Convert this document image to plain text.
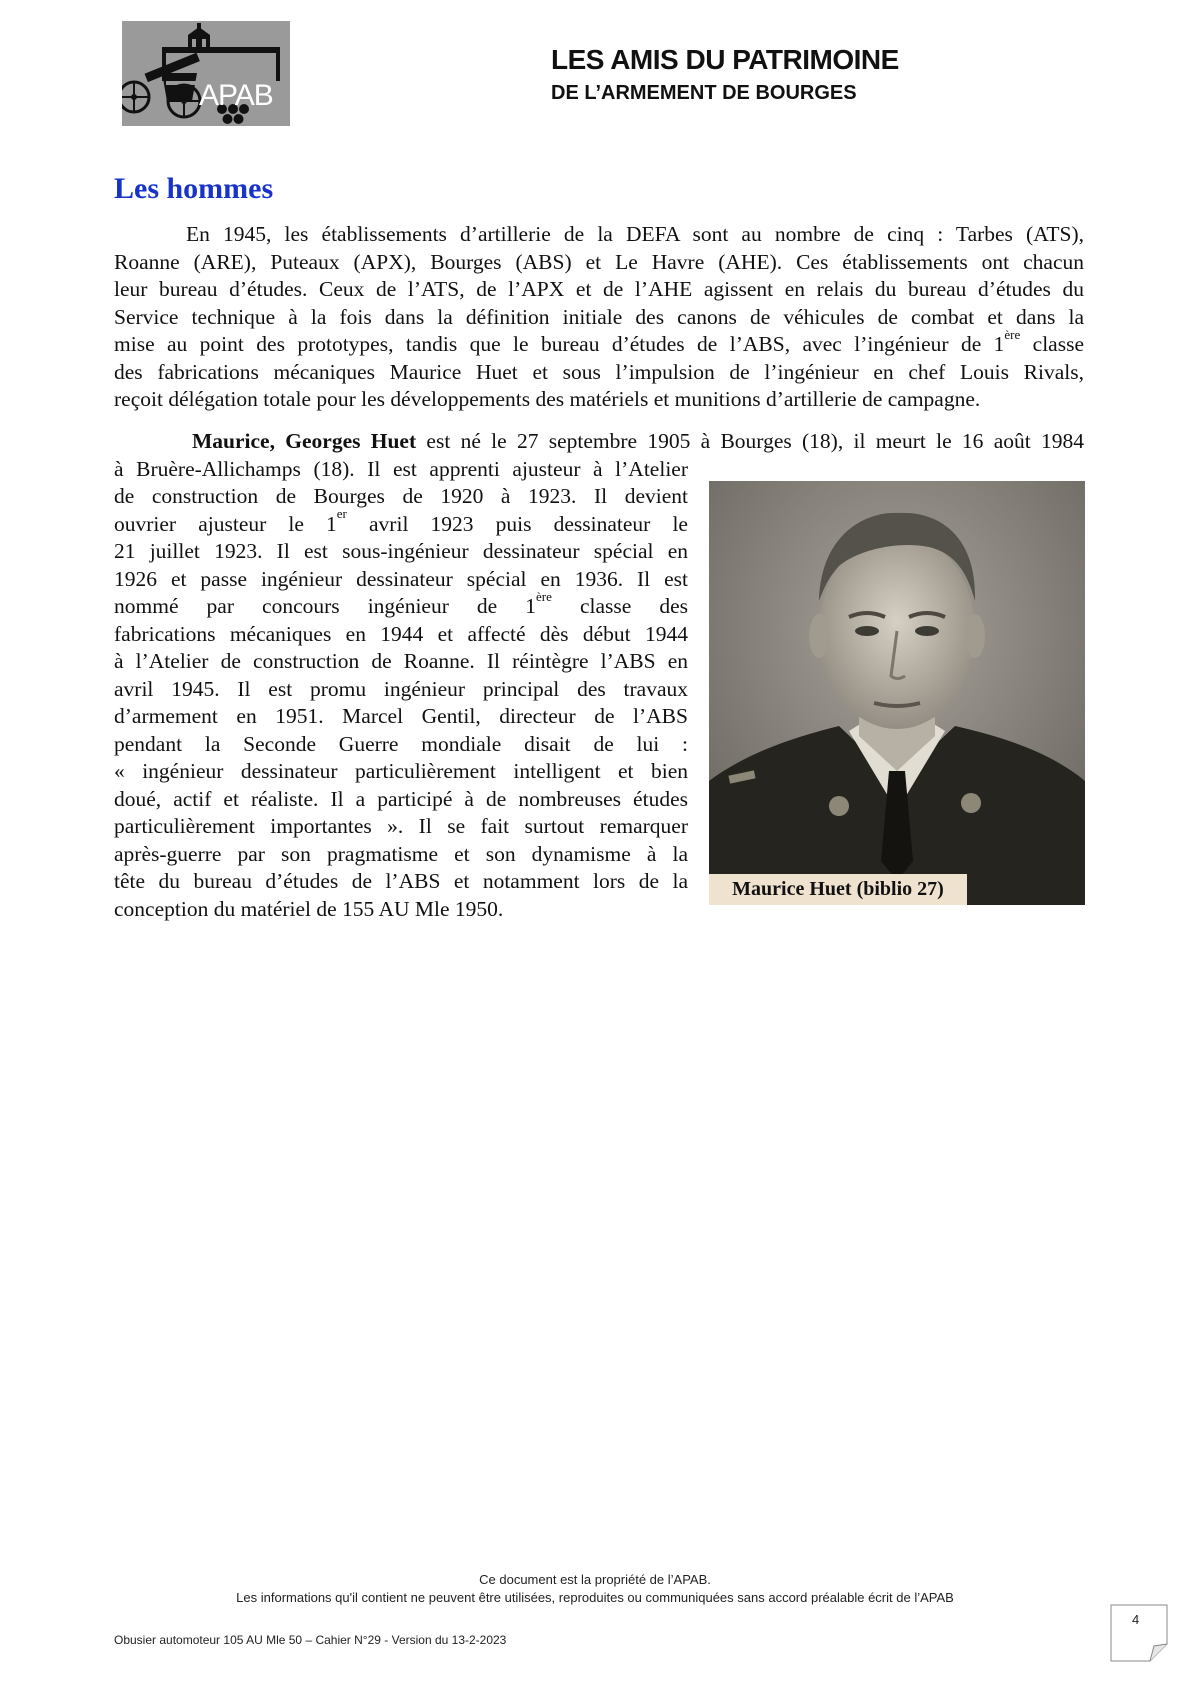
APAB
LES AMIS DU PATRIMOINE
DE L’ARMEMENT DE BOURGES
Les hommes
En 1945, les établissements d’artillerie de la DEFA sont au nombre de cinq : Tarbes (ATS),
Roanne (ARE), Puteaux (APX), Bourges (ABS) et Le Havre (AHE). Ces établissements ont chacun
leur bureau d’études. Ceux de l’ATS, de l’APX et de l’AHE agissent en relais du bureau d’études du
Service technique à la fois dans la définition initiale des canons de véhicules de combat et dans la
mise au point des prototypes, tandis que le bureau d’études de l’ABS, avec l’ingénieur de 1ère classe
des fabrications mécaniques Maurice Huet et sous l’impulsion de l’ingénieur en chef Louis Rivals,
reçoit délégation totale pour les développements des matériels et munitions d’artillerie de campagne.
Maurice, Georges Huet est né le 27 septembre 1905 à Bourges (18), il meurt le 16 août 1984
à Bruère-Allichamps (18). Il est apprenti ajusteur à l’Atelier
de construction de Bourges de 1920 à 1923. Il devient
ouvrier ajusteur le 1er avril 1923 puis dessinateur le
21 juillet 1923. Il est sous-ingénieur dessinateur spécial en
1926 et passe ingénieur dessinateur spécial en 1936. Il est
nommé par concours ingénieur de 1ère classe des
fabrications mécaniques en 1944 et affecté dès début 1944
à l’Atelier de construction de Roanne. Il réintègre l’ABS en
avril 1945. Il est promu ingénieur principal des travaux
d’armement en 1951. Marcel Gentil, directeur de l’ABS
pendant la Seconde Guerre mondiale disait de lui :
« ingénieur dessinateur particulièrement intelligent et bien
doué, actif et réaliste. Il a participé à de nombreuses études
particulièrement importantes ». Il se fait surtout remarquer
après-guerre par son pragmatisme et son dynamisme à la
tête du bureau d’études de l’ABS et notamment lors de la
conception du matériel de 155 AU Mle 1950.
Maurice Huet (biblio 27)
Ce document est la propriété de l’APAB.
Les informations qu'il contient ne peuvent être utilisées, reproduites ou communiquées sans accord préalable écrit de l’APAB
Obusier automoteur 105 AU Mle 50 – Cahier N°29 - Version du 13-2-2023
4
